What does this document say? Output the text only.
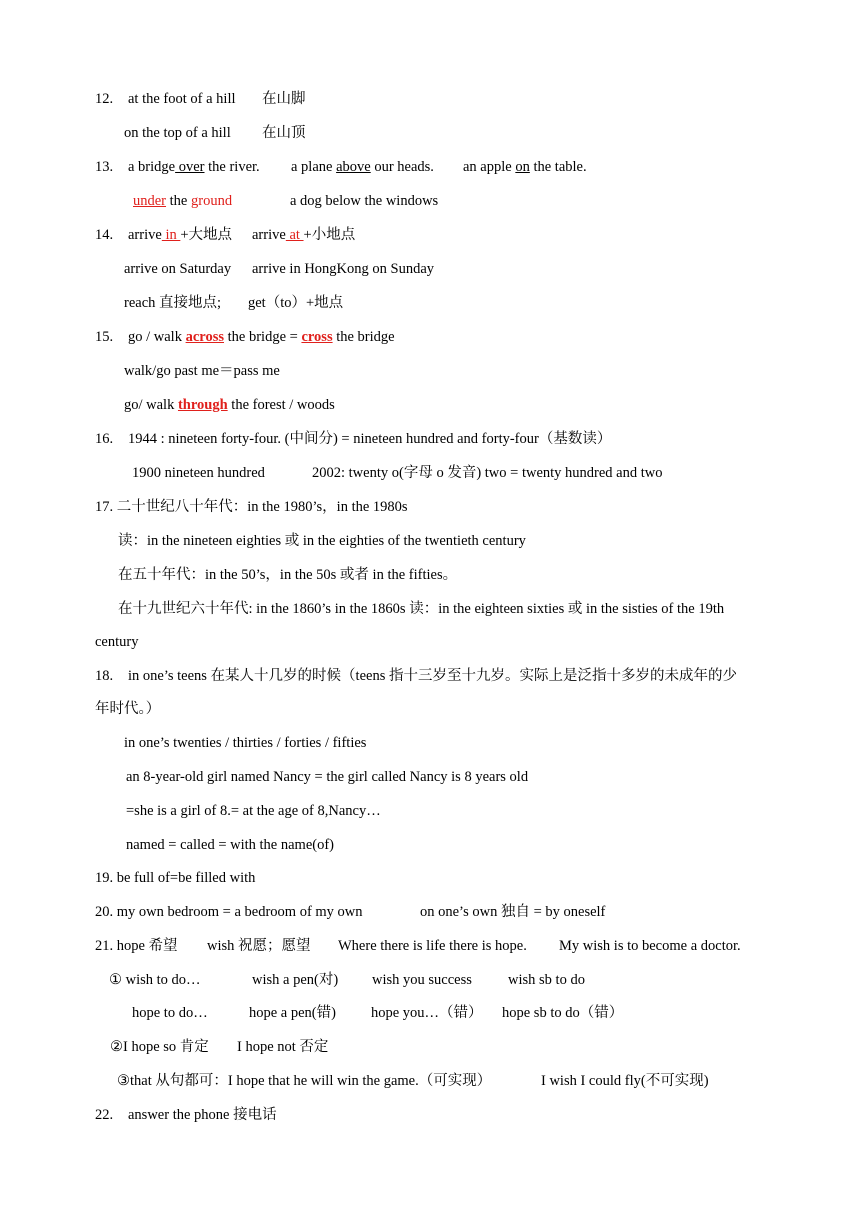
12. at the foot of a hill 在山脚
on the top of a hill 在山顶
13. a bridge over the river. a plane above our heads. an apple on the table.
under the ground	a dog below the windows
14. arrive in +大地点 arrive at +小地点
arrive on Saturday arrive in HongKong on Sunday
reach 直接地点; get（to）+地点
15. go / walk across the bridge = cross the bridge
walk/go past me＝pass me
go/ walk through the forest / woods
16. 1944 : nineteen forty-four. (中间分) = nineteen hundred and forty-four（基数读）
1900 nineteen hundred	2002: twenty o(字母 o 发音) two = twenty hundred and two
17. 二十世纪八十年代：in the 1980’s，in the 1980s
读：in the nineteen eighties 或 in the eighties of the twentieth century
在五十年代：in the 50’s，in the 50s 或者 in the fifties。
在十九世纪六十年代: in the 1860’s in the 1860s 读：in the eighteen sixties 或 in the sisties of the 19th
century
18. in one’s teens 在某人十几岁的时候（teens 指十三岁至十九岁。实际上是泛指十多岁的未成年的少
年时代。）
in one’s twenties / thirties / forties / fifties
an 8-year-old girl named Nancy = the girl called Nancy is 8 years old
=she is a girl of 8.= at the age of 8,Nancy…
named = called = with the name(of)
19. be full of=be filled with
20. my own bedroom = a bedroom of my own	on one’s own 独自 = by oneself
21. hope 希望 wish 祝愿；愿望 Where there is life there is hope. My wish is to become a doctor.
① wish to do…	wish a pen(对) wish you success wish sb to do
hope to do…	hope a pen(错) hope you…（错） hope sb to do（错）
②I hope so 肯定 I hope not 否定
③that 从句都可：I hope that he will win the game.（可实现）	I wish I could fly(不可实现)
22. answer the phone 接电话
